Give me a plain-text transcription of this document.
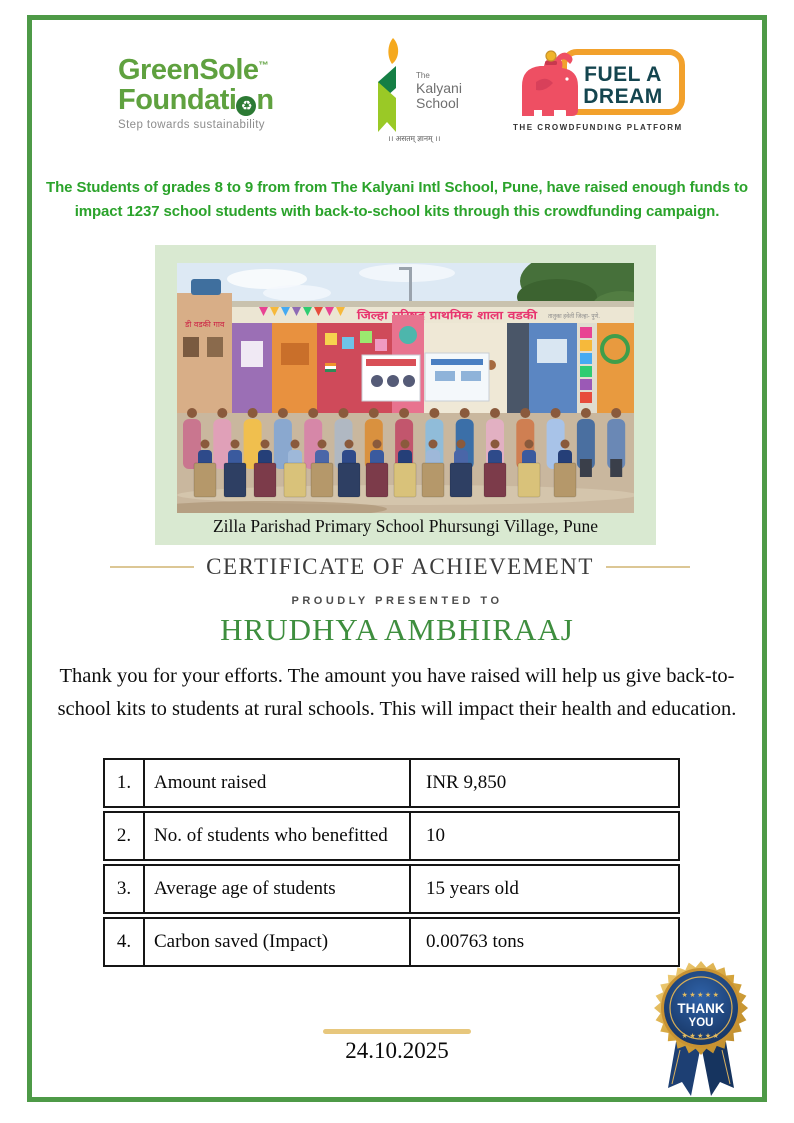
GreenSole™
Foundati ♻ n
Step towards sustainability
The
Kalyani
School
।। असतम् ज्ञानम् ।।
FUEL A
DREAM
THE CROWDFUNDING PLATFORM
The Students of grades 8 to 9 from from The Kalyani Intl School, Pune, have raised enough funds to impact 1237 school students with back-to-school kits through this crowdfunding campaign.
डी वडकी गाव
जिल्हा परिषद प्राथमिक शाला वडकी	तालुका हवेली जिल्हा- पुणे.
Zilla Parishad Primary School Phursungi Village, Pune
CERTIFICATE OF ACHIEVEMENT
PROUDLY PRESENTED TO
HRUDHYA AMBHIRAAJ
Thank you for your efforts. The amount you have raised will help us give back-to-school kits to students at rural schools. This will impact their health and education.
1.	Amount raised	INR 9,850
2.	No. of students who benefitted	10
3.	Average age of students	15 years old
4.	Carbon saved (Impact)	0.00763 tons
24.10.2025
★★★★★
THANK
YOU
★★★★★
